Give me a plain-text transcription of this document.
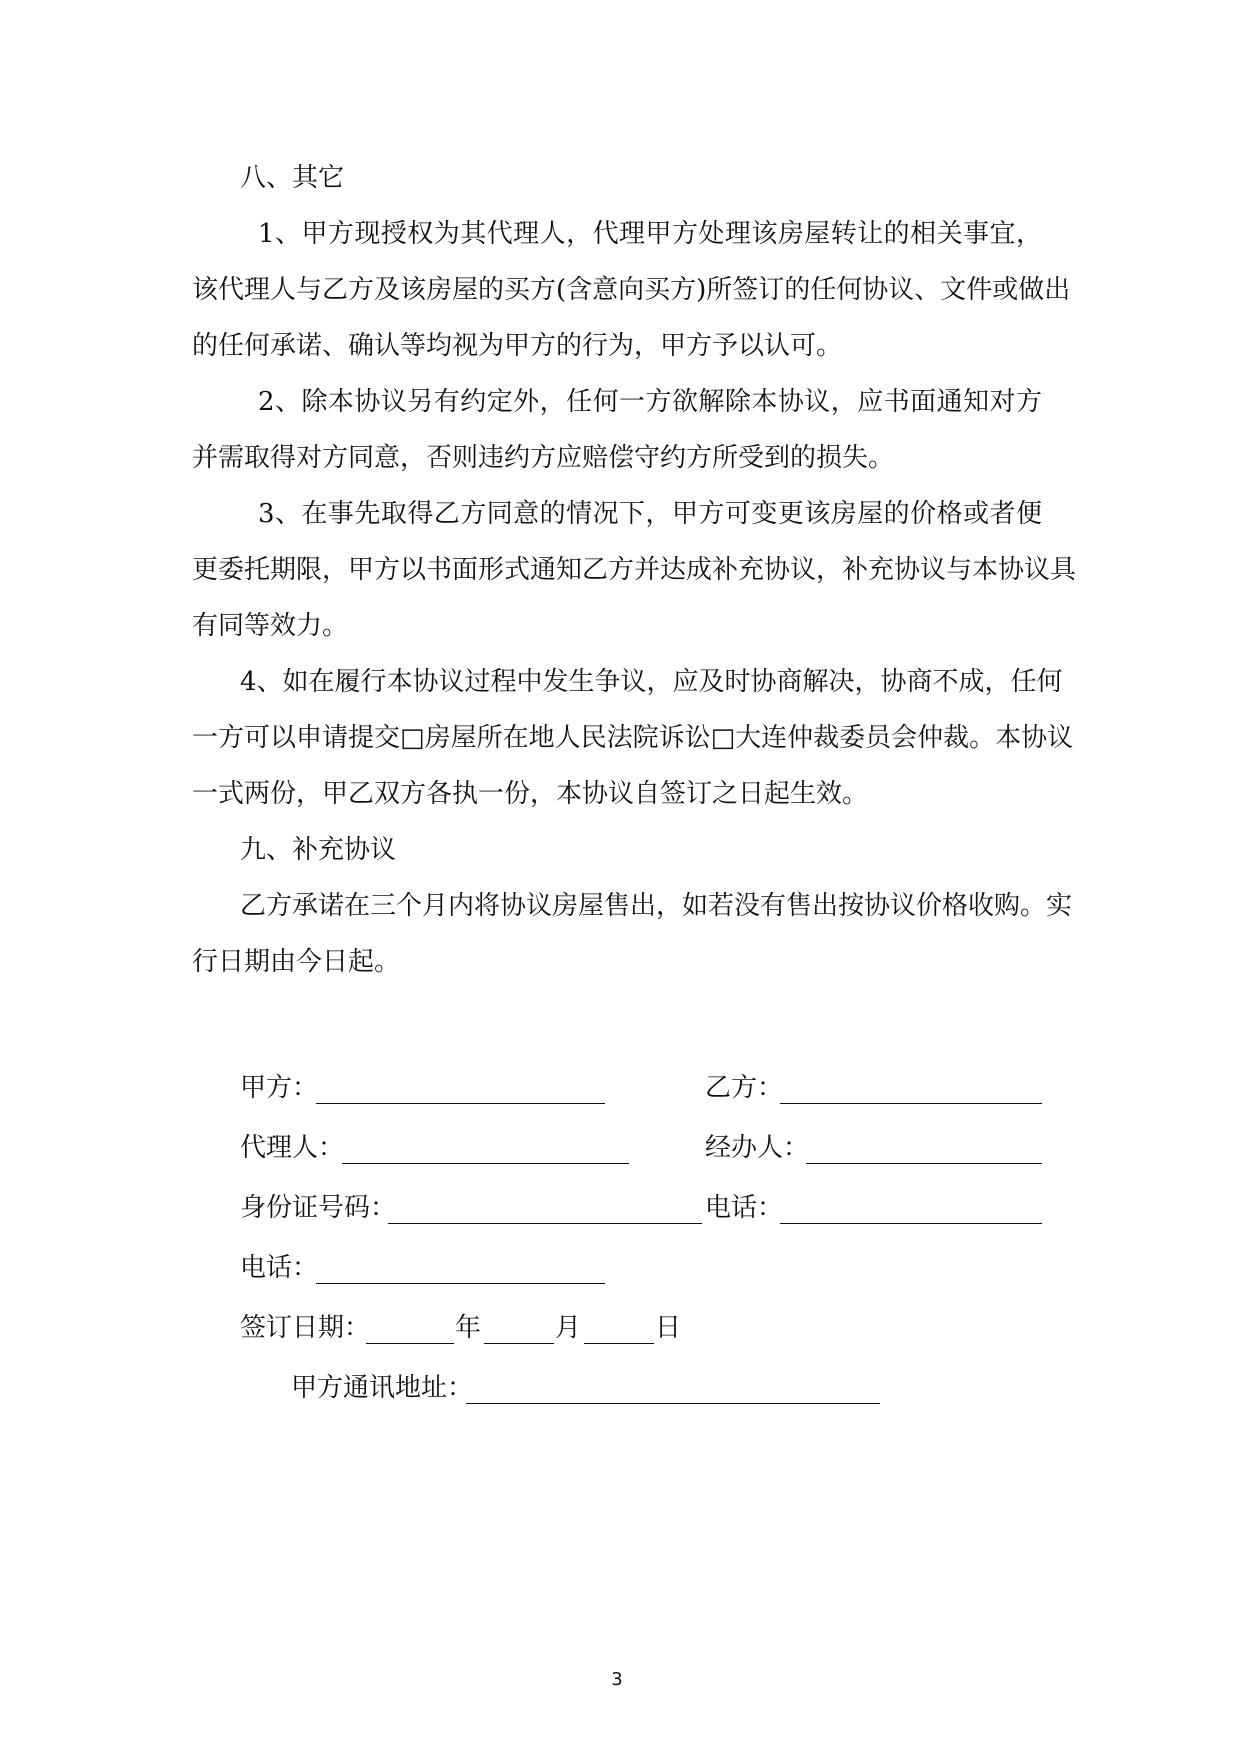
八、其它
1、甲方现授权为其代理人，代理甲方处理该房屋转让的相关事宜，
该代理人与乙方及该房屋的买方(含意向买方)所签订的任何协议、文件或做出
的任何承诺、确认等均视为甲方的行为，甲方予以认可。
2、除本协议另有约定外，任何一方欲解除本协议，应书面通知对方
并需取得对方同意，否则违约方应赔偿守约方所受到的损失。
3、在事先取得乙方同意的情况下，甲方可变更该房屋的价格或者便
更委托期限，甲方以书面形式通知乙方并达成补充协议，补充协议与本协议具
有同等效力。
4、如在履行本协议过程中发生争议，应及时协商解决，协商不成，任何
一方可以申请提交□房屋所在地人民法院诉讼□大连仲裁委员会仲裁。本协议
一式两份，甲乙双方各执一份，本协议自签订之日起生效。
九、补充协议
乙方承诺在三个月内将协议房屋售出，如若没有售出按协议价格收购。实
行日期由今日起。
甲方：	乙方：
代理人：	经办人：
身份证号码：	电话：
电话：
签订日期：	年	月	日
甲方通讯地址：
3
